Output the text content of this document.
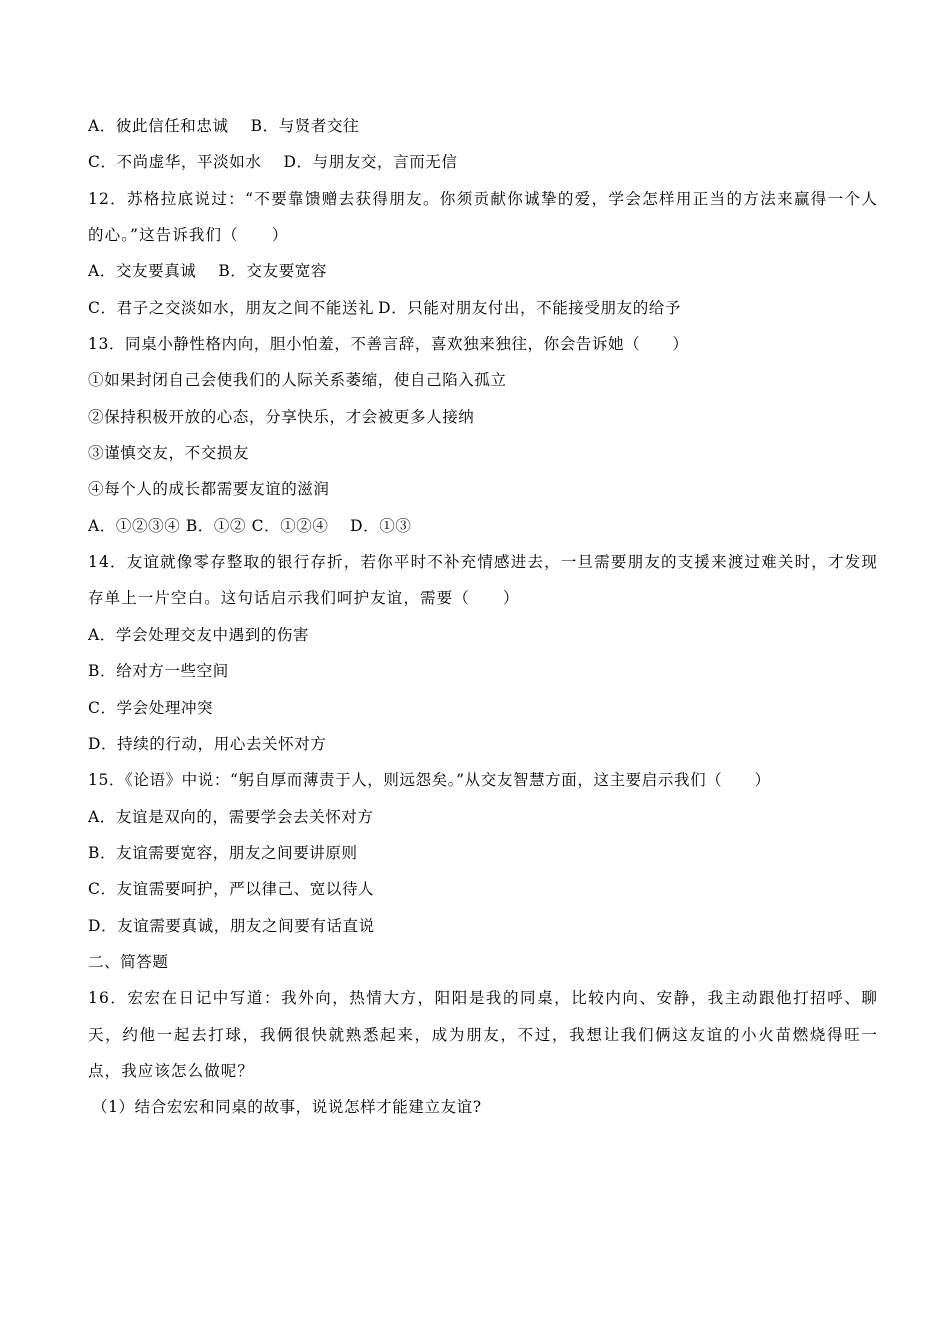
A．彼此信任和忠诚 B．与贤者交往
C．不尚虚华，平淡如水 D．与朋友交，言而无信
12．苏格拉底说过：“不要靠馈赠去获得朋友。你须贡献你诚挚的爱，学会怎样用正当的方法来赢得一个人的心。”这告诉我们（　　）
A．交友要真诚 B．交友要宽容
C．君子之交淡如水，朋友之间不能送礼 D．只能对朋友付出，不能接受朋友的给予
13．同桌小静性格内向，胆小怕羞，不善言辞，喜欢独来独往，你会告诉她（　　）
①如果封闭自己会使我们的人际关系萎缩，使自己陷入孤立
②保持积极开放的心态，分享快乐，才会被更多人接纳
③谨慎交友，不交损友
④每个人的成长都需要友谊的滋润
A．①②③④ B．①② C．①②④　 D．①③
14．友谊就像零存整取的银行存折，若你平时不补充情感进去，一旦需要朋友的支援来渡过难关时，才发现存单上一片空白。这句话启示我们呵护友谊，需要（　　）
A．学会处理交友中遇到的伤害
B．给对方一些空间
C．学会处理冲突
D．持续的行动，用心去关怀对方
15．《论语》中说：“躬自厚而薄责于人，则远怨矣。”从交友智慧方面，这主要启示我们（　　）
A．友谊是双向的，需要学会去关怀对方
B．友谊需要宽容，朋友之间要讲原则
C．友谊需要呵护，严以律己、宽以待人
D．友谊需要真诚，朋友之间要有话直说
二、简答题
16．宏宏在日记中写道：我外向，热情大方，阳阳是我的同桌，比较内向、安静，我主动跟他打招呼、聊天，约他一起去打球，我俩很快就熟悉起来，成为朋友，不过，我想让我们俩这友谊的小火苗燃烧得旺一点，我应该怎么做呢？
（1）结合宏宏和同桌的故事，说说怎样才能建立友谊?
